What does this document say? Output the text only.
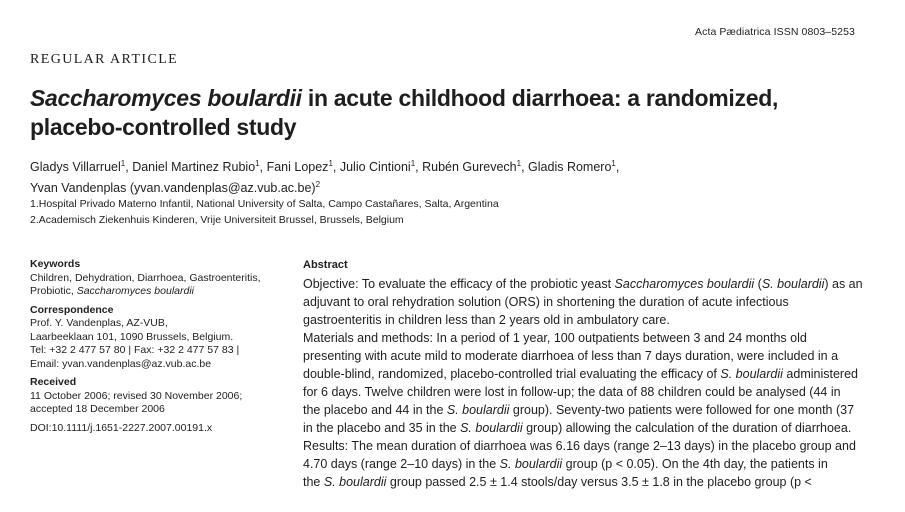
Acta Pædiatrica ISSN 0803–5253
REGULAR ARTICLE
Saccharomyces boulardii in acute childhood diarrhoea: a randomized,
placebo-controlled study
Gladys Villarruel$^1$, Daniel Martinez Rubio$^1$, Fani Lopez$^1$, Julio Cintioni$^1$, Rubén Gurevech$^1$, Gladis Romero$^1$,
Yvan Vandenplas (yvan.vandenplas@az.vub.ac.be)$^2$
1.Hospital Privado Materno Infantil, National University of Salta, Campo Castañares, Salta, Argentina
2.Academisch Ziekenhuis Kinderen, Vrije Universiteit Brussel, Brussels, Belgium
Keywords
Children, Dehydration, Diarrhoea, Gastroenteritis,
Probiotic, Saccharomyces boulardii
Correspondence
Prof. Y. Vandenplas, AZ-VUB,
Laarbeeklaan 101, 1090 Brussels, Belgium.
Tel: +32 2 477 57 80 | Fax: +32 2 477 57 83 |
Email: yvan.vandenplas@az.vub.ac.be
Received
11 October 2006; revised 30 November 2006;
accepted 18 December 2006
DOI:10.1111/j.1651-2227.2007.00191.x
Abstract
Objective: To evaluate the efficacy of the probiotic yeast Saccharomyces boulardii (S. boulardii) as an
adjuvant to oral rehydration solution (ORS) in shortening the duration of acute infectious
gastroenteritis in children less than 2 years old in ambulatory care.
Materials and methods: In a period of 1 year, 100 outpatients between 3 and 24 months old
presenting with acute mild to moderate diarrhoea of less than 7 days duration, were included in a
double-blind, randomized, placebo-controlled trial evaluating the efficacy of S. boulardii administered
for 6 days. Twelve children were lost in follow-up; the data of 88 children could be analysed (44 in
the placebo and 44 in the S. boulardii group). Seventy-two patients were followed for one month (37
in the placebo and 35 in the S. boulardii group) allowing the calculation of the duration of diarrhoea.
Results: The mean duration of diarrhoea was 6.16 days (range 2–13 days) in the placebo group and
4.70 days (range 2–10 days) in the S. boulardii group (p < 0.05). On the 4th day, the patients in
the S. boulardii group passed 2.5 ± 1.4 stools/day versus 3.5 ± 1.8 in the placebo group (p <
